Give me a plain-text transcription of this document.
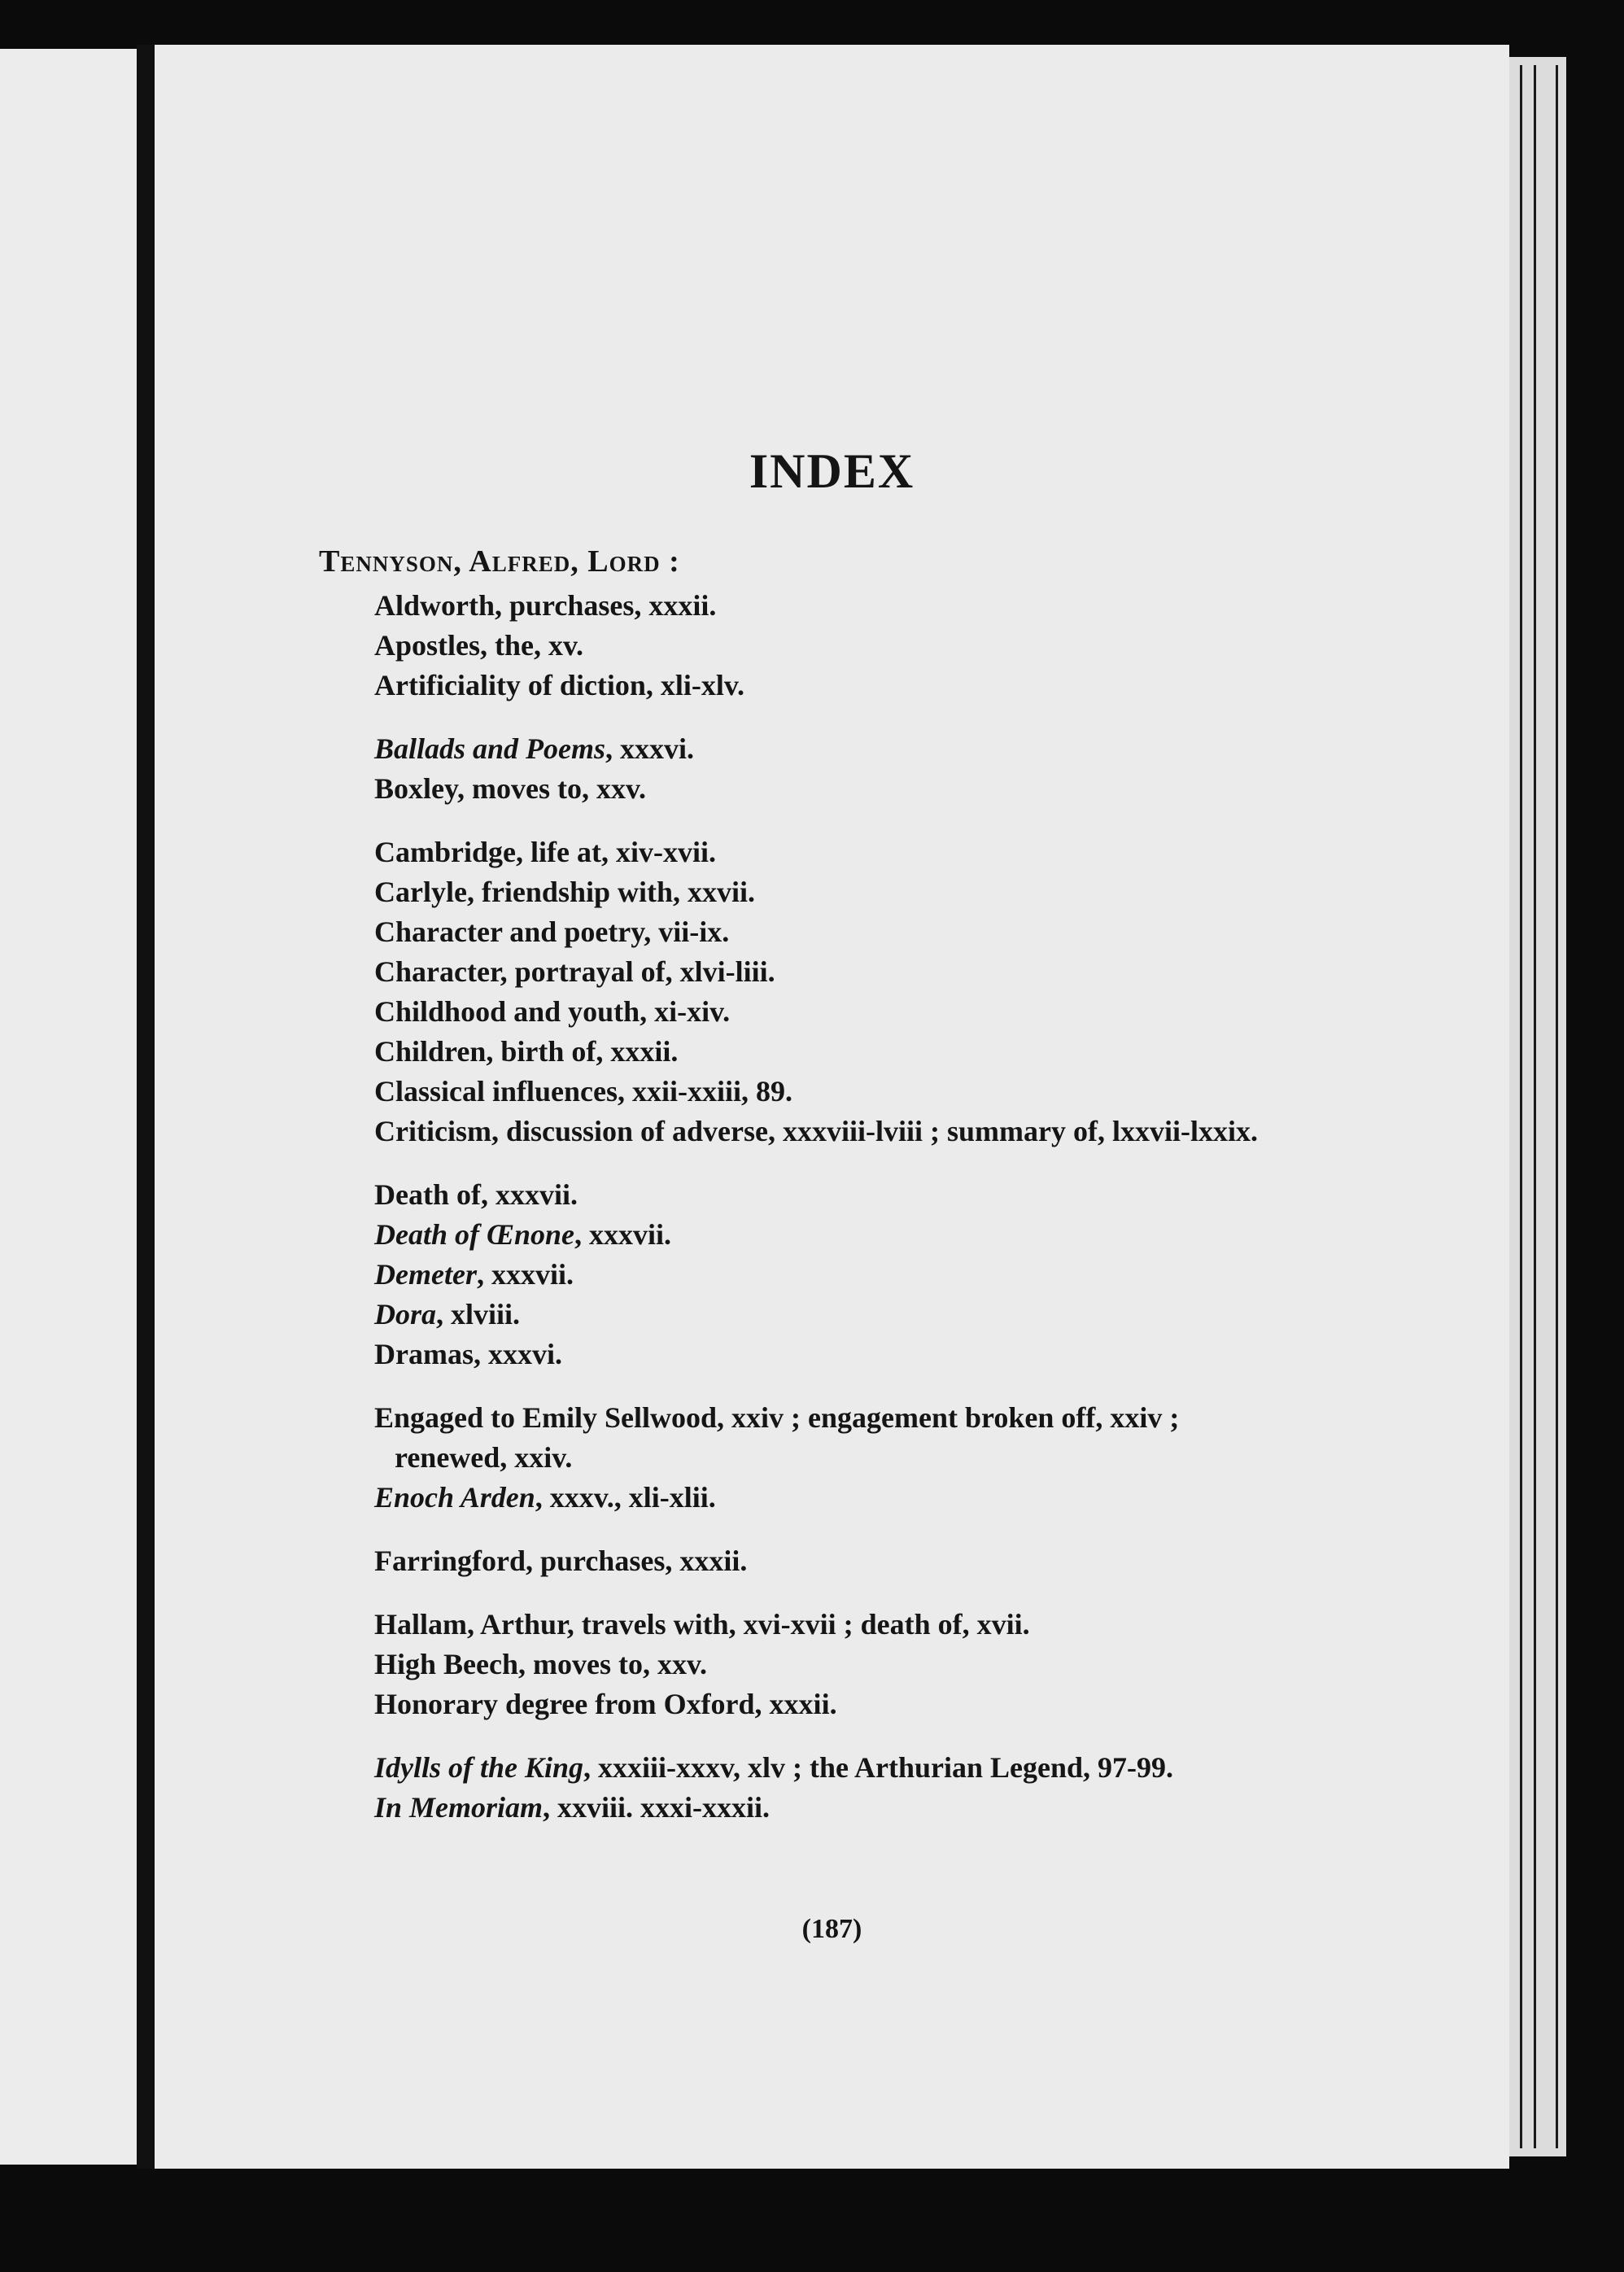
INDEX
Tennyson, Alfred, Lord :
Aldworth, purchases, xxxii.
Apostles, the, xv.
Artificiality of diction, xli-xlv.
Ballads and Poems, xxxvi.
Boxley, moves to, xxv.
Cambridge, life at, xiv-xvii.
Carlyle, friendship with, xxvii.
Character and poetry, vii-ix.
Character, portrayal of, xlvi-liii.
Childhood and youth, xi-xiv.
Children, birth of, xxxii.
Classical influences, xxii-xxiii, 89.
Criticism, discussion of adverse, xxxviii-lviii ; summary of, lxxvii-lxxix.
Death of, xxxvii.
Death of Œnone, xxxvii.
Demeter, xxxvii.
Dora, xlviii.
Dramas, xxxvi.
Engaged to Emily Sellwood, xxiv ; engagement broken off, xxiv ; renewed, xxiv.
Enoch Arden, xxxv., xli-xlii.
Farringford, purchases, xxxii.
Hallam, Arthur, travels with, xvi-xvii ; death of, xvii.
High Beech, moves to, xxv.
Honorary degree from Oxford, xxxii.
Idylls of the King, xxxiii-xxxv, xlv ; the Arthurian Legend, 97-99.
In Memoriam, xxviii. xxxi-xxxii.
(187)
